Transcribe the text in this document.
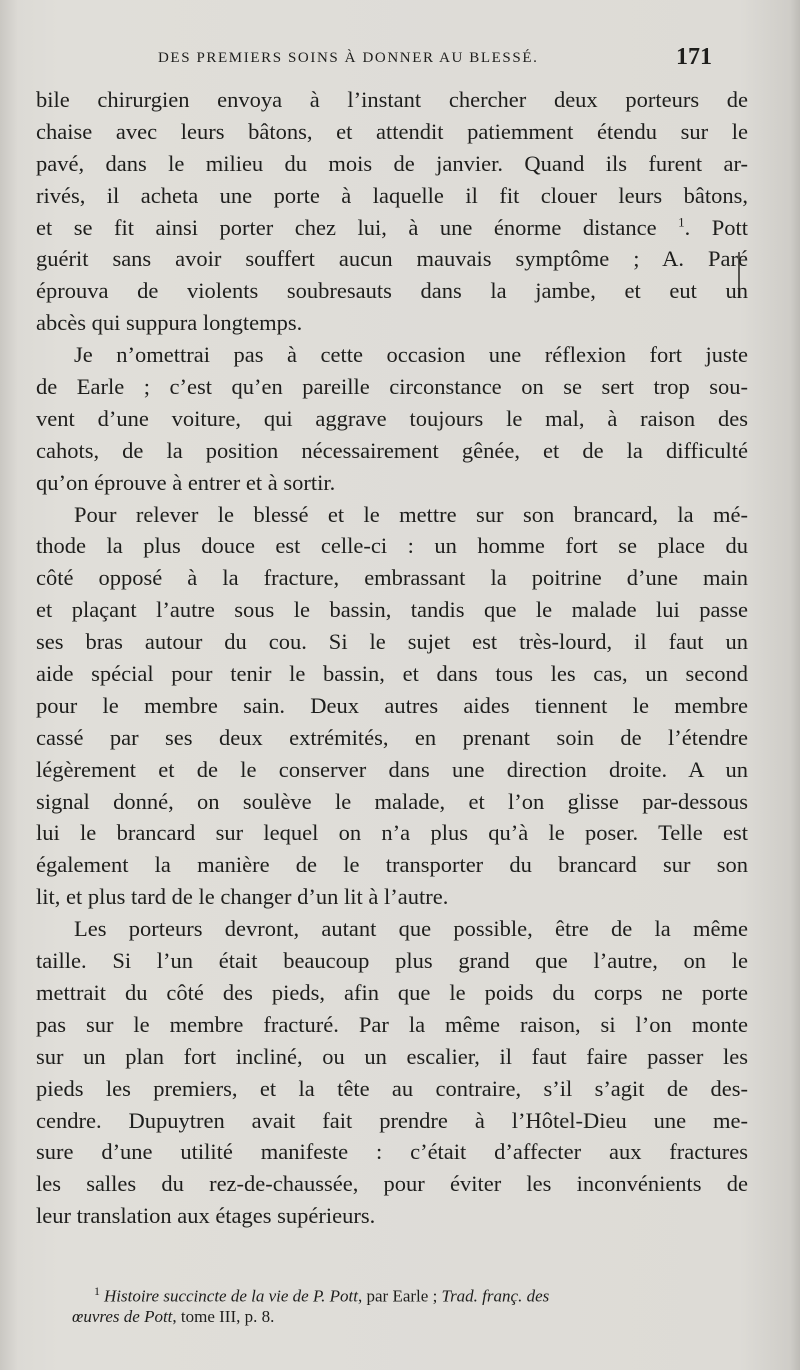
DES PREMIERS SOINS À DONNER AU BLESSÉ.	171
bile chirurgien envoya à l’instant chercher deux porteurs de
chaise avec leurs bâtons, et attendit patiemment étendu sur le
pavé, dans le milieu du mois de janvier. Quand ils furent ar-
rivés, il acheta une porte à laquelle il fit clouer leurs bâtons,
et se fit ainsi porter chez lui, à une énorme distance $^1$. Pott
guérit sans avoir souffert aucun mauvais symptôme ; A. Paré
éprouva de violents soubresauts dans la jambe, et eut un
abcès qui suppura longtemps.
Je n’omettrai pas à cette occasion une réflexion fort juste
de Earle ; c’est qu’en pareille circonstance on se sert trop sou-
vent d’une voiture, qui aggrave toujours le mal, à raison des
cahots, de la position nécessairement gênée, et de la difficulté
qu’on éprouve à entrer et à sortir.
Pour relever le blessé et le mettre sur son brancard, la mé-
thode la plus douce est celle-ci : un homme fort se place du
côté opposé à la fracture, embrassant la poitrine d’une main
et plaçant l’autre sous le bassin, tandis que le malade lui passe
ses bras autour du cou. Si le sujet est très-lourd, il faut un
aide spécial pour tenir le bassin, et dans tous les cas, un second
pour le membre sain. Deux autres aides tiennent le membre
cassé par ses deux extrémités, en prenant soin de l’étendre
légèrement et de le conserver dans une direction droite. A un
signal donné, on soulève le malade, et l’on glisse par-dessous
lui le brancard sur lequel on n’a plus qu’à le poser. Telle est
également la manière de le transporter du brancard sur son
lit, et plus tard de le changer d’un lit à l’autre.
Les porteurs devront, autant que possible, être de la même
taille. Si l’un était beaucoup plus grand que l’autre, on le
mettrait du côté des pieds, afin que le poids du corps ne porte
pas sur le membre fracturé. Par la même raison, si l’on monte
sur un plan fort incliné, ou un escalier, il faut faire passer les
pieds les premiers, et la tête au contraire, s’il s’agit de des-
cendre. Dupuytren avait fait prendre à l’Hôtel-Dieu une me-
sure d’une utilité manifeste : c’était d’affecter aux fractures
les salles du rez-de-chaussée, pour éviter les inconvénients de
leur translation aux étages supérieurs.
$^1$ Histoire succincte de la vie de P. Pott, par Earle ; Trad. franç. des
œuvres de Pott, tome III, p. 8.
